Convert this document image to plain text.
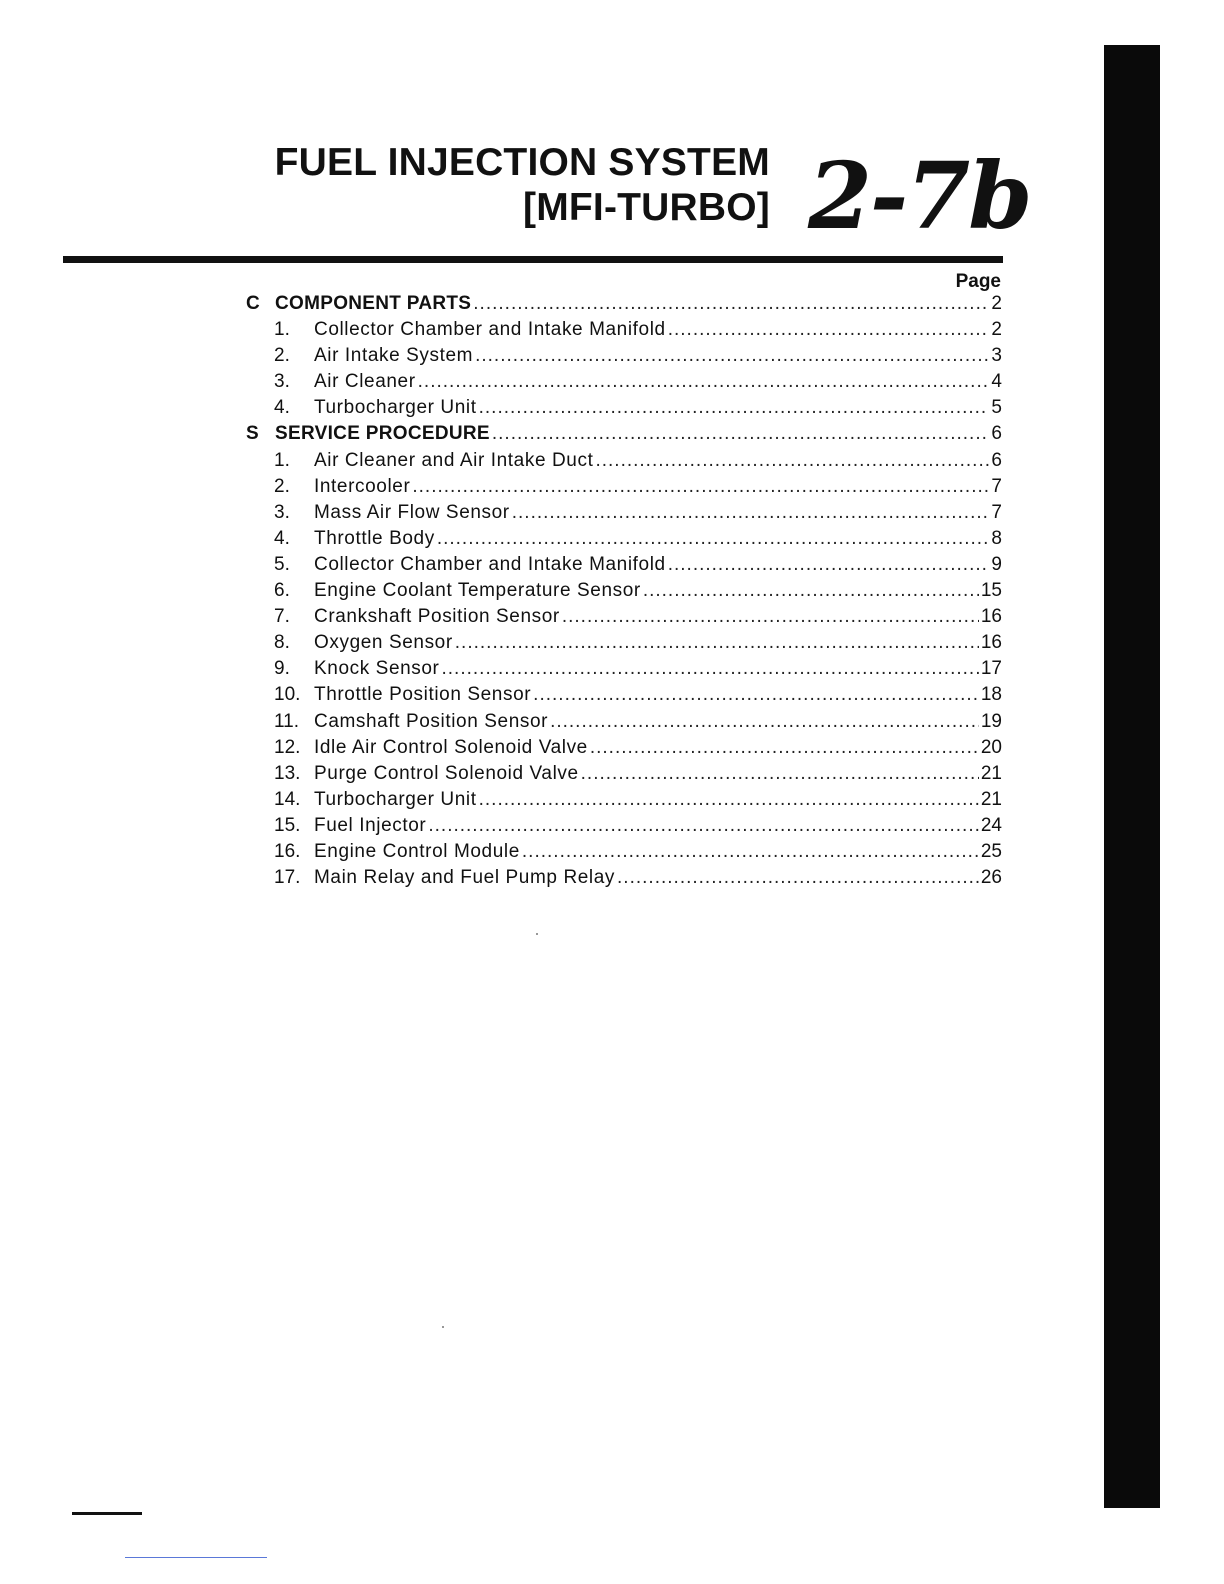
FUEL INJECTION SYSTEM
[MFI-TURBO] 2-7b
Page
C COMPONENT PARTS .....	2
1.	Collector Chamber and Intake Manifold .....	2
2.	Air Intake System .....	3
3.	Air Cleaner .....	4
4.	Turbocharger Unit .....	5
S SERVICE PROCEDURE .....	6
1.	Air Cleaner and Air Intake Duct .....	6
2.	Intercooler .....	7
3.	Mass Air Flow Sensor .....	7
4.	Throttle Body .....	8
5.	Collector Chamber and Intake Manifold .....	9
6.	Engine Coolant Temperature Sensor .....	15
7.	Crankshaft Position Sensor .....	16
8.	Oxygen Sensor .....	16
9.	Knock Sensor .....	17
10. Throttle Position Sensor .....	18
11. Camshaft Position Sensor .....	19
12. Idle Air Control Solenoid Valve .....	20
13. Purge Control Solenoid Valve .....	21
14. Turbocharger Unit .....	21
15. Fuel Injector .....	24
16. Engine Control Module .....	25
17. Main Relay and Fuel Pump Relay .....	26
